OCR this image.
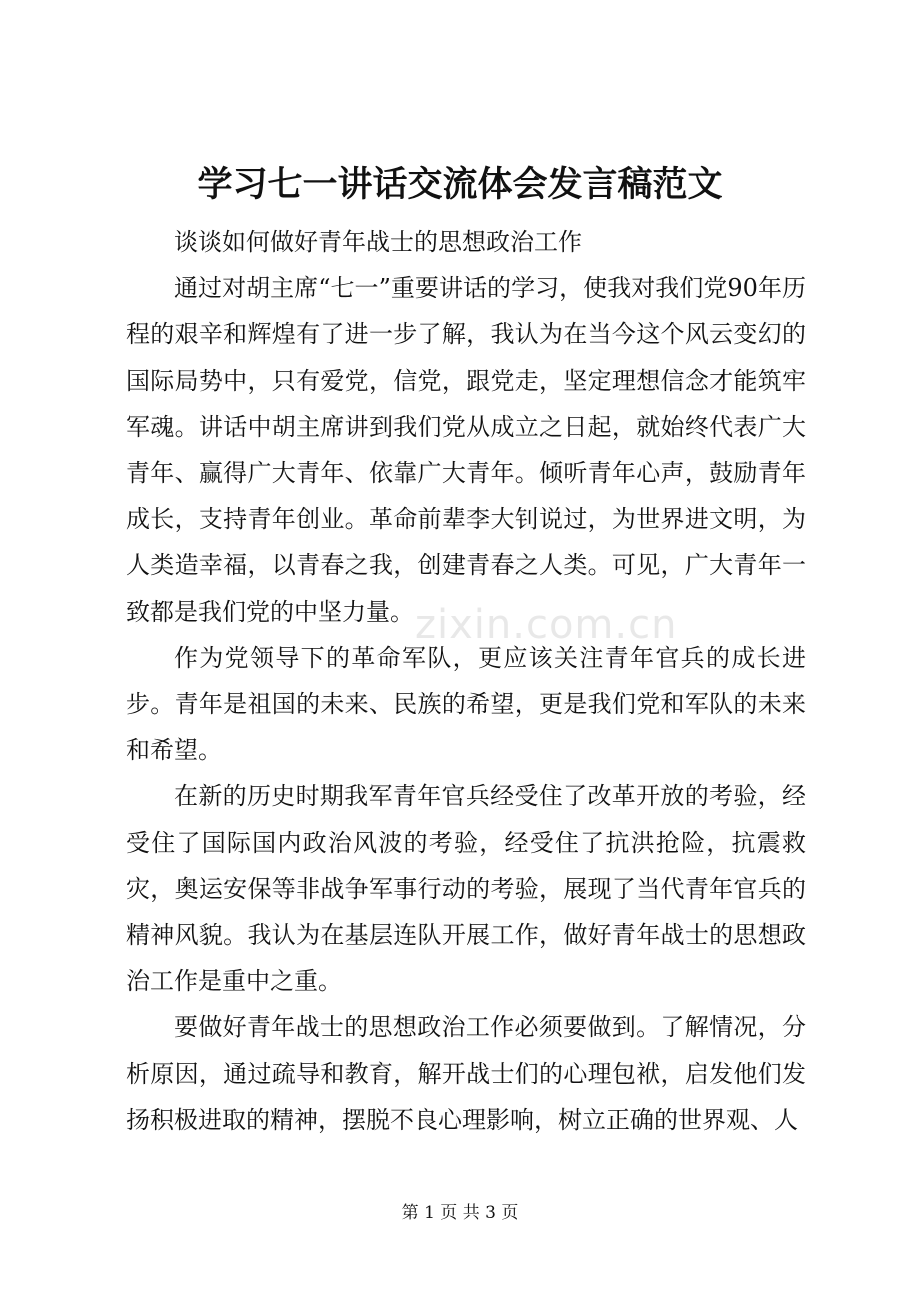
学习七一讲话交流体会发言稿范文

谈谈如何做好青年战士的思想政治工作

通过对胡主席“七一”重要讲话的学习，使我对我们党90年历程的艰辛和辉煌有了进一步了解，我认为在当今这个风云变幻的国际局势中，只有爱党，信党，跟党走，坚定理想信念才能筑牢军魂。讲话中胡主席讲到我们党从成立之日起，就始终代表广大青年、赢得广大青年、依靠广大青年。倾听青年心声，鼓励青年成长，支持青年创业。革命前辈李大钊说过，为世界进文明，为人类造幸福，以青春之我，创建青春之人类。可见，广大青年一致都是我们党的中坚力量。

作为党领导下的革命军队，更应该关注青年官兵的成长进步。青年是祖国的未来、民族的希望，更是我们党和军队的未来和希望。

在新的历史时期我军青年官兵经受住了改革开放的考验，经受住了国际国内政治风波的考验，经受住了抗洪抢险，抗震救灾，奥运安保等非战争军事行动的考验，展现了当代青年官兵的精神风貌。我认为在基层连队开展工作，做好青年战士的思想政治工作是重中之重。

要做好青年战士的思想政治工作必须要做到。了解情况，分析原因，通过疏导和教育，解开战士们的心理包袱，启发他们发扬积极进取的精神，摆脱不良心理影响，树立正确的世界观、人

zixin.com.cn
第 1 页 共 3 页
